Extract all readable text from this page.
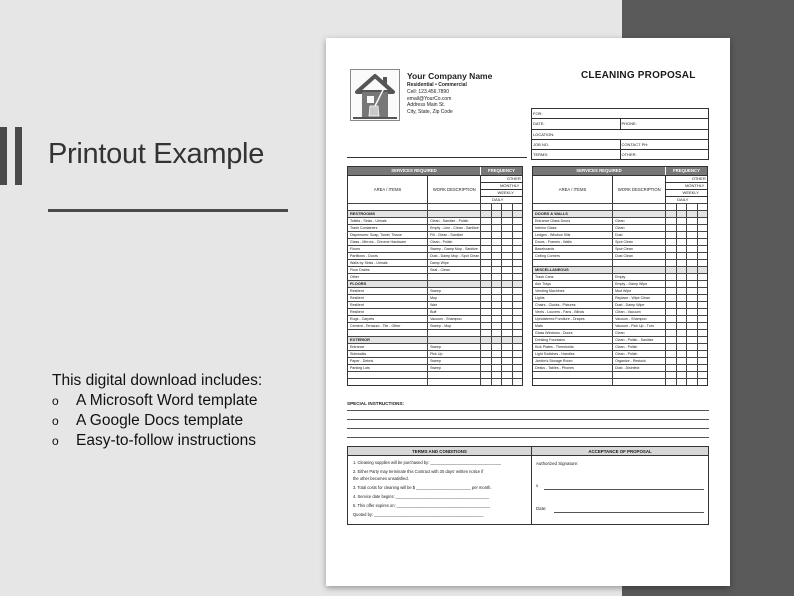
Printout Example
This digital download includes:
o	A Microsoft Word template
o	A Google Docs template
o	Easy-to-follow instructions
Your Company Name
Residential • Commercial
Cell: 123.456.7890
email@YourCo.com
Address Main St.
City, State, Zip Code
CLEANING PROPOSAL
FOR:
DATE:	PHONE:
LOCATION:
JOB NO.	CONTACT PH:
TERMS:	OTHER:
SERVICES REQUIRED	FREQUENCY
AREA / ITEMS	WORK DESCRIPTION
OTHER
MONTHLY
WEEKLY
DAILY
RESTROOMS
Toilets - Sinks - Urinals	Clean - Sanitize - Polish
Trash Containers	Empty - Line - Clean - Sanitize
Dispensers: Soap, Towel, Tissue	Fill - Clean - Sanitize
Glass - Mirrors - Chrome Hardware	Clean - Polish
Floors	Sweep - Damp Mop - Sanitize
Partitions - Doors	Dust - Damp Mop - Spot Clean
Walls by Sinks - Urinals	Damp Wipe
Floor Drains	Seal - Clean
Other
FLOORS
Resilient	Sweep
Resilient	Mop
Resilient	Wax
Resilient	Buff
Rugs - Carpets	Vacuum - Shampoo
Cement - Terrazzo - Tile - Other	Sweep - Mop
EXTERIOR
Entrance	Sweep
Sidewalks	Pick Up
Paper - Debris	Sweep
Parking Lots	Sweep
SERVICES REQUIRED	FREQUENCY
AREA / ITEMS	WORK DESCRIPTION
OTHER
MONTHLY
WEEKLY
DAILY
DOORS & WALLS
Entrance Glass Doors	Clean
Interior Glass	Clean
Ledges - Window Sills	Dust
Doors - Frames - Walls	Spot Clean
Baseboards	Spot Clean
Ceiling Corners	Dust Clean
MISCELLANEOUS
Trash Cans	Empty
Ash Trays	Empty - Damp Wipe
Vending Machines	Mod Wipe
Lights	Replace - Wipe Clean
Chairs - Clocks - Pictures	Dust - Damp Wipe
Vents - Louvers - Fans - Blinds	Clean - Vacuum
Upholstered Furniture - Drapes	Vacuum - Shampoo
Mats	Vacuum - Pick Up - Turn
Glass Windows - Doors	Clean
Drinking Fountains	Clean - Polish - Sanitize
Kick Plates - Thresholds	Clean - Polish
Light Switches - Handles	Clean - Polish
Janitor's Storage Room	Organize - Restock
Desks - Tables - Phones	Dust - Disinfect
SPECIAL INSTRUCTIONS:
TERMS AND CONDITIONS
1. Cleaning supplies will be purchased by: _______________________________
2. Either Party may terminate this Contract with 30 days' written notice if
the other becomes unsatisfied.
3. Total costs for cleaning will be $ ________________________ per month.
4. Service date begins: _________________________________________
5. This offer expires on: _________________________________________
Quoted by: ________________________________________________
ACCEPTANCE OF PROPOSAL
Authorized Signature:
x
Date:
